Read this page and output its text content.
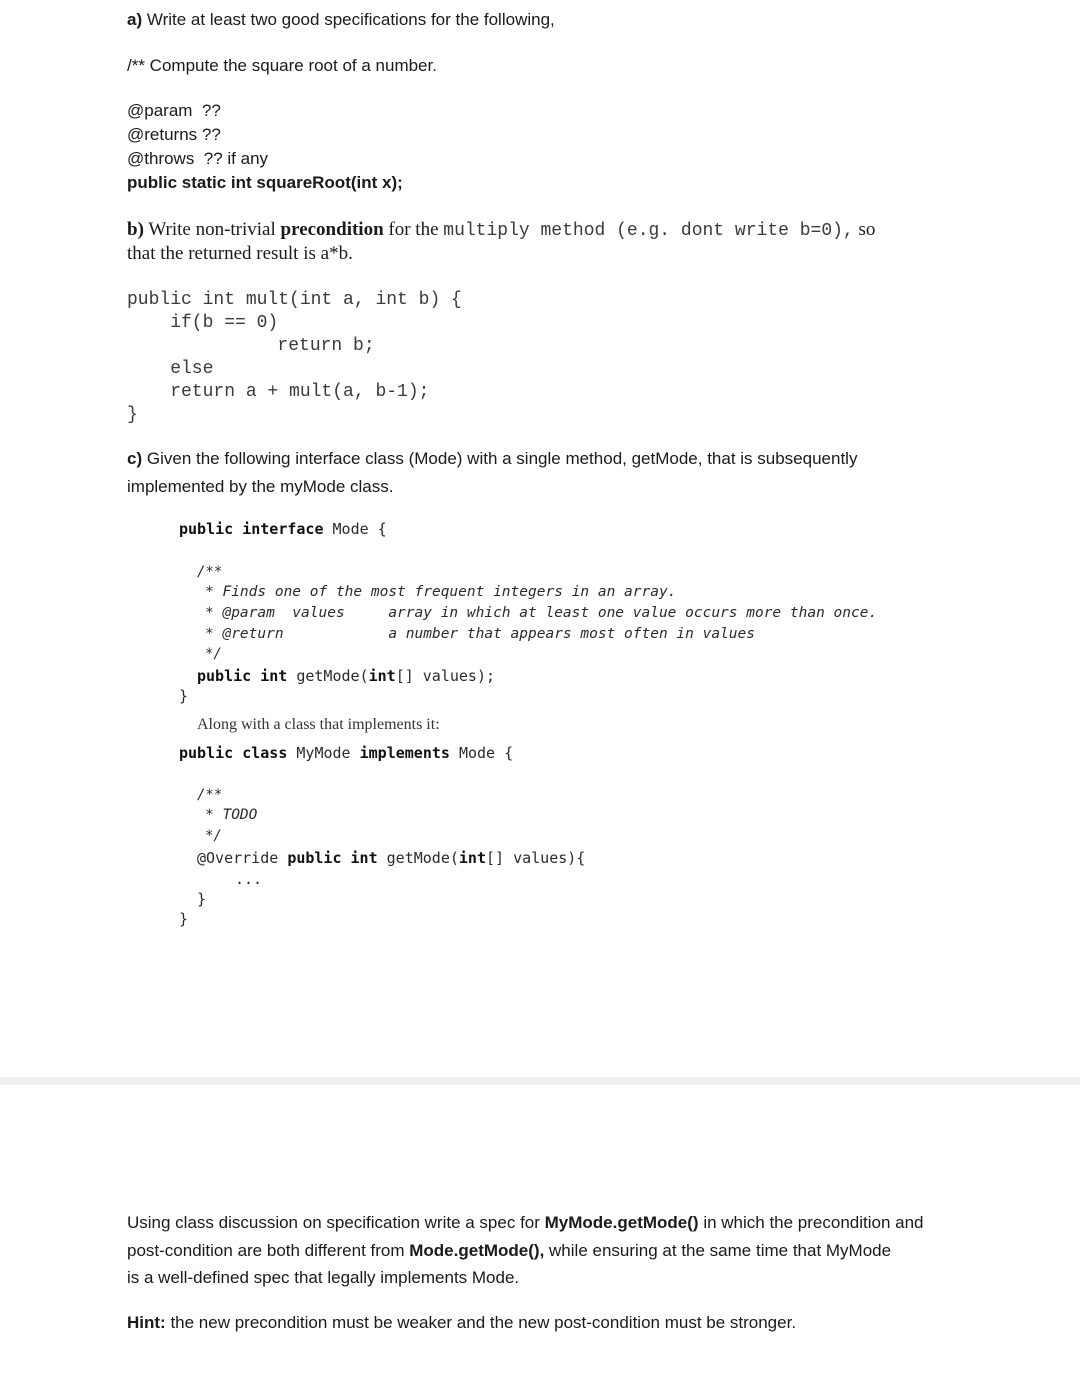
a) Write at least two good specifications for the following,
/** Compute the square root of a number.
@param  ??
@returns ??
@throws  ?? if any
public static int squareRoot(int x);
b) Write non-trivial precondition for the multiply method (e.g. dont write b=0), so
that the returned result is a*b.
public int mult(int a, int b) {
if(b == 0)
return b;
else
return a + mult(a, b-1);
}
c) Given the following interface class (Mode) with a single method, getMode, that is subsequently
implemented by the myMode class.
public interface Mode {
/**
* Finds one of the most frequent integers in an array.
* @param  values     array in which at least one value occurs more than once.
* @return            a number that appears most often in values
*/
public int getMode(int[] values);
}
Along with a class that implements it:
public class MyMode implements Mode {
/**
* TODO
*/
@Override public int getMode(int[] values){
...
}
}
Using class discussion on specification write a spec for MyMode.getMode() in which the precondition and
post-condition are both different from Mode.getMode(), while ensuring at the same time that MyMode
is a well-defined spec that legally implements Mode.
Hint: the new precondition must be weaker and the new post-condition must be stronger.
